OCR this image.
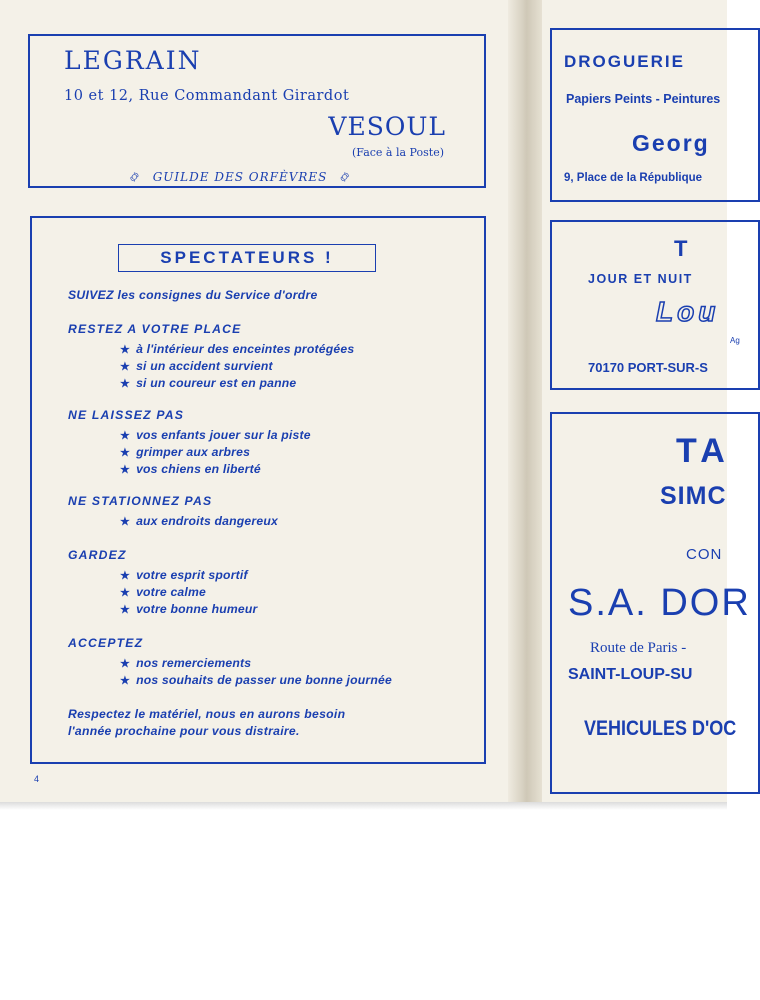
LEGRAIN
10 et 12, Rue Commandant Girardot
VESOUL
(Face à la Poste)
࿂ GUILDE DES ORFÈVRES ࿂
SPECTATEURS !
SUIVEZ les consignes du Service d'ordre
RESTEZ A VOTRE PLACE
★ à l'intérieur des enceintes protégées
★ si un accident survient
★ si un coureur est en panne
NE LAISSEZ PAS
★ vos enfants jouer sur la piste
★ grimper aux arbres
★ vos chiens en liberté
NE STATIONNEZ PAS
★ aux endroits dangereux
GARDEZ
★ votre esprit sportif
★ votre calme
★ votre bonne humeur
ACCEPTEZ
★ nos remerciements
★ nos souhaits de passer une bonne journée
Respectez le matériel, nous en aurons besoin
l'année prochaine pour vous distraire.
4
DROGUERIE
Papiers Peints - Peintures
Georg
9, Place de la République
T
JOUR ET NUIT
Lou
Ag
70170 PORT-SUR-S
TA
SIMC
CON
S.A. DOR
Route de Paris -
SAINT-LOUP-SU
VEHICULES D'OC
